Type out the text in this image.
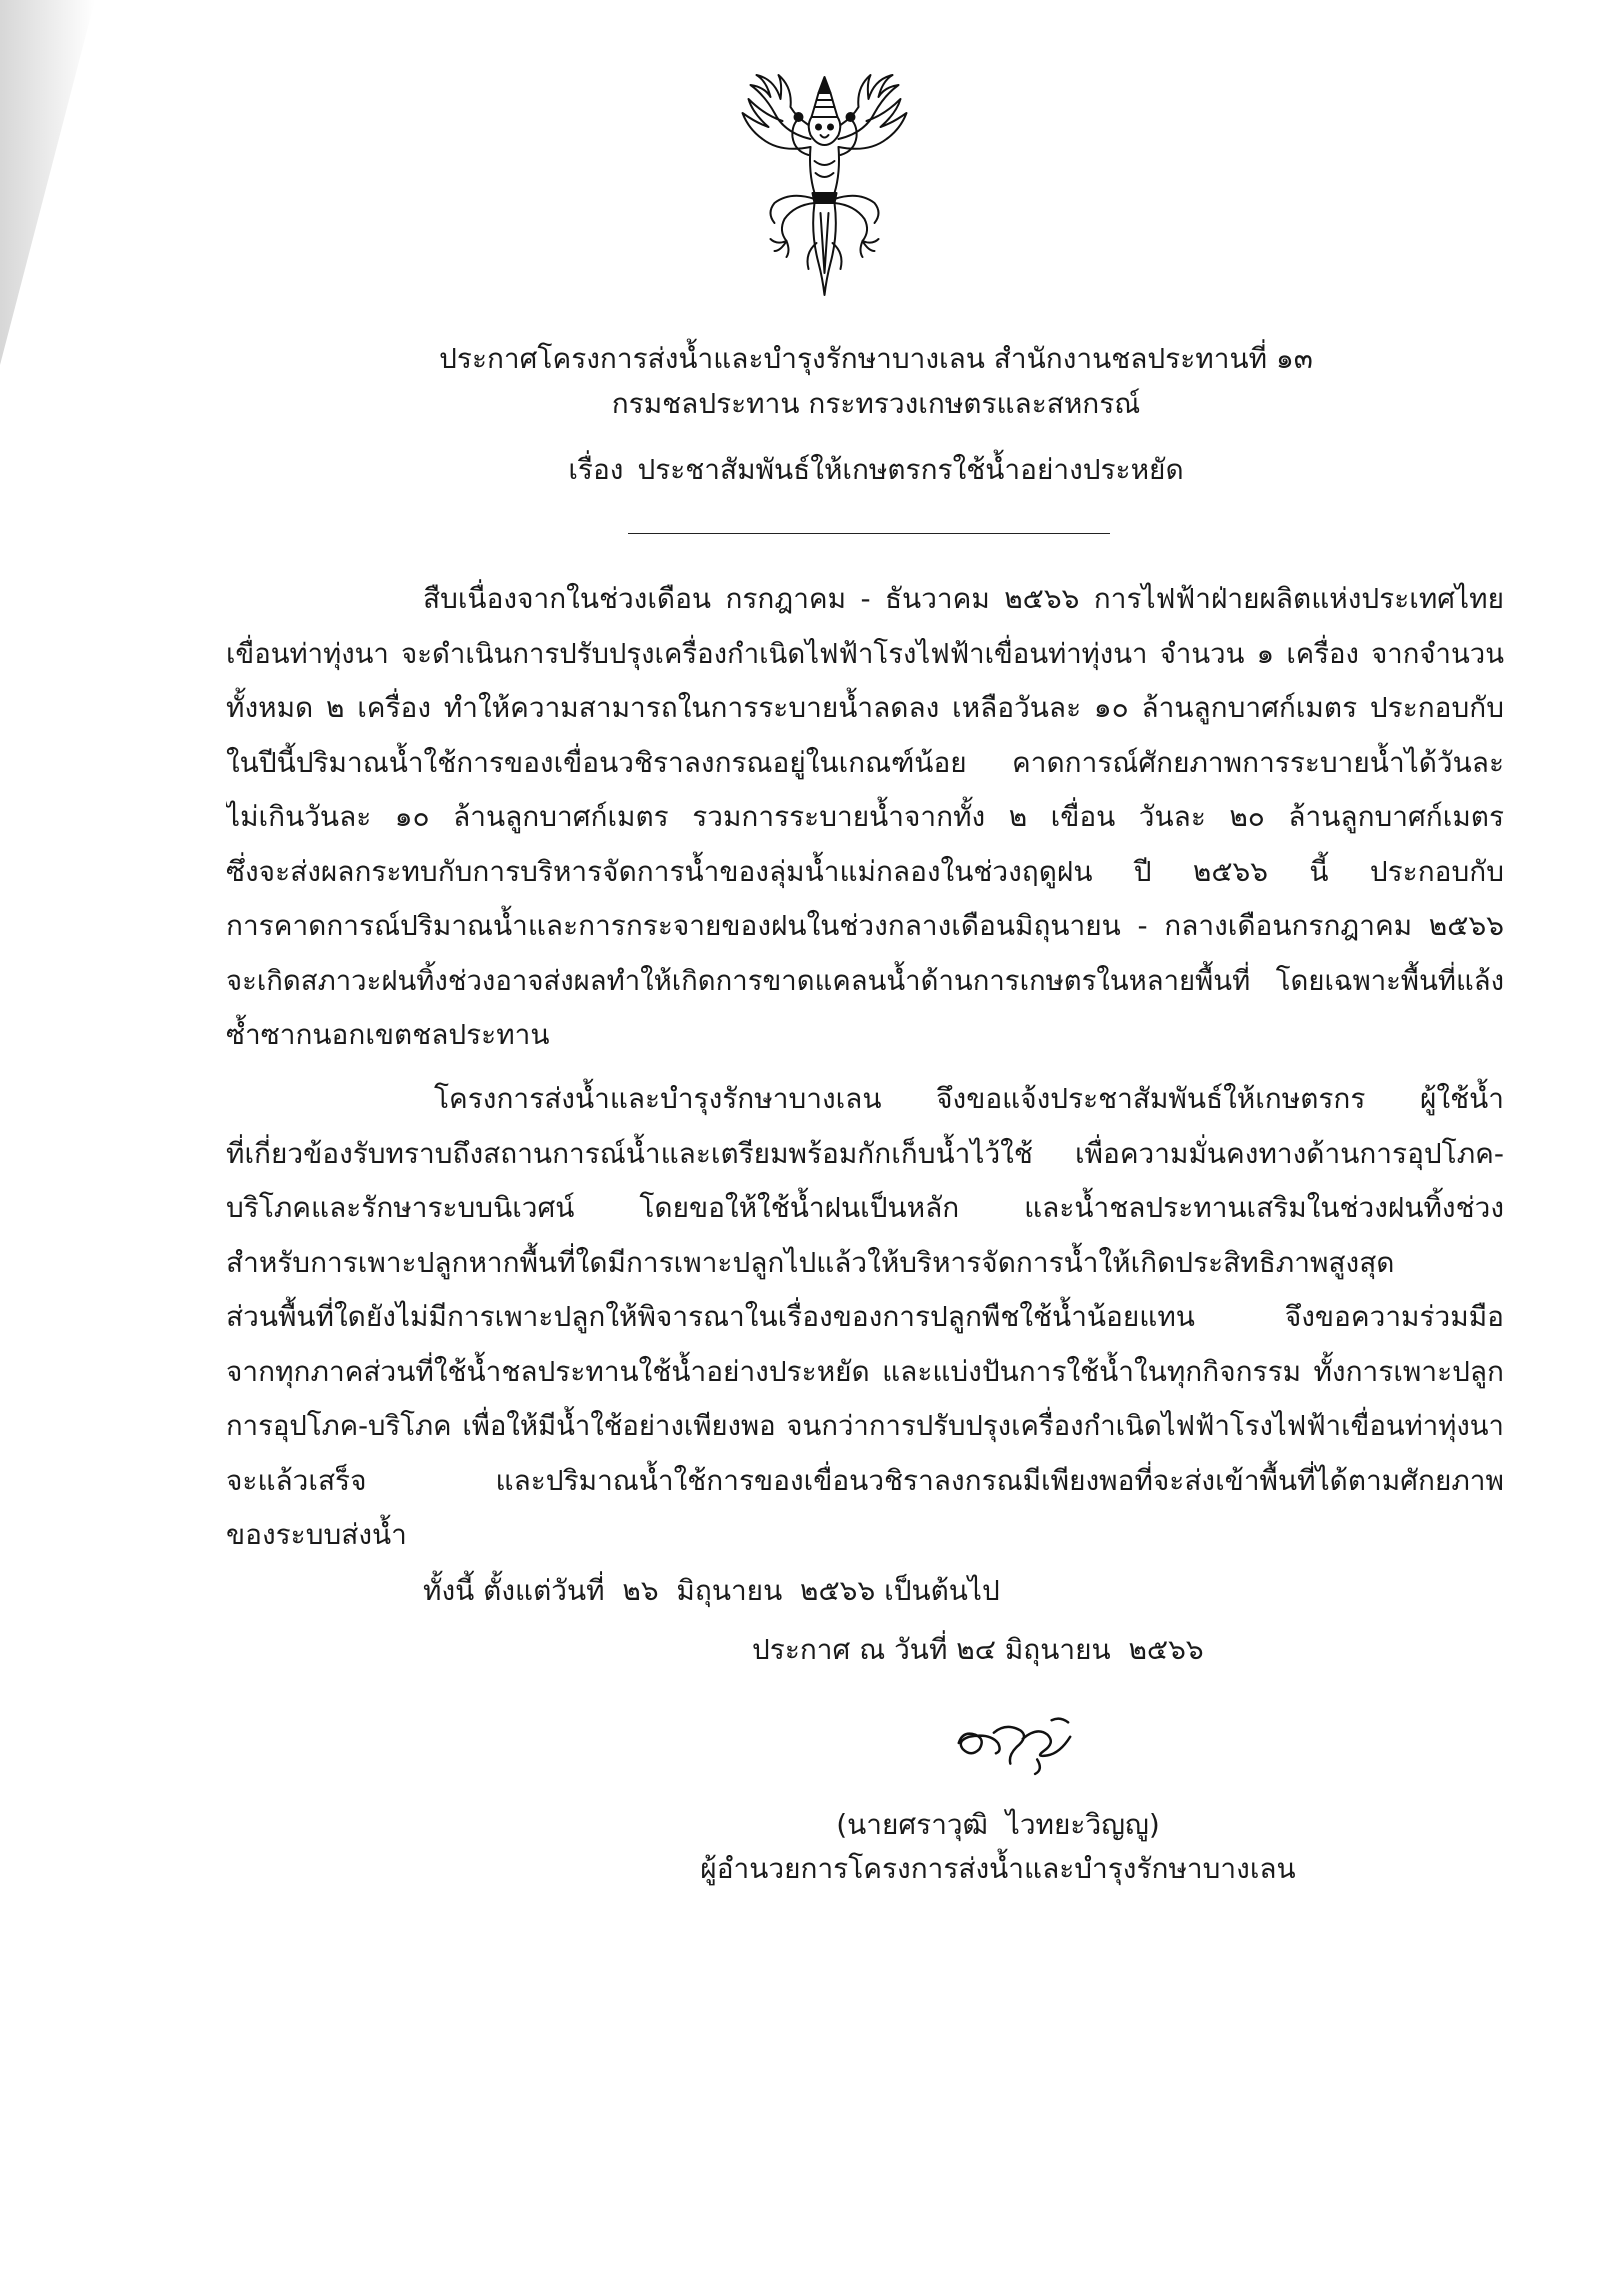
ประกาศโครงการส่งน้ำและบำรุงรักษาบางเลน สำนักงานชลประทานที่ ๑๓
กรมชลประทาน กระทรวงเกษตรและสหกรณ์
เรื่อง ประชาสัมพันธ์ให้เกษตรกรใช้น้ำอย่างประหยัด
สืบเนื่องจากในช่วงเดือน กรกฎาคม - ธันวาคม ๒๕๖๖ การไฟฟ้าฝ่ายผลิตแห่งประเทศไทย
เขื่อนท่าทุ่งนา จะดำเนินการปรับปรุงเครื่องกำเนิดไฟฟ้าโรงไฟฟ้าเขื่อนท่าทุ่งนา จำนวน ๑ เครื่อง จากจำนวน
ทั้งหมด ๒ เครื่อง ทำให้ความสามารถในการระบายน้ำลดลง เหลือวันละ ๑๐ ล้านลูกบาศก์เมตร ประกอบกับ
ในปีนี้ปริมาณน้ำใช้การของเขื่อนวชิราลงกรณอยู่ในเกณฑ์น้อย คาดการณ์ศักยภาพการระบายน้ำได้วันละ
ไม่เกินวันละ ๑๐ ล้านลูกบาศก์เมตร รวมการระบายน้ำจากทั้ง ๒ เขื่อน วันละ ๒๐ ล้านลูกบาศก์เมตร
ซึ่งจะส่งผลกระทบกับการบริหารจัดการน้ำของลุ่มน้ำแม่กลองในช่วงฤดูฝน ปี ๒๕๖๖ นี้ ประกอบกับ
การคาดการณ์ปริมาณน้ำและการกระจายของฝนในช่วงกลางเดือนมิถุนายน - กลางเดือนกรกฎาคม ๒๕๖๖
จะเกิดสภาวะฝนทิ้งช่วงอาจส่งผลทำให้เกิดการขาดแคลนน้ำด้านการเกษตรในหลายพื้นที่ โดยเฉพาะพื้นที่แล้ง
ซ้ำซากนอกเขตชลประทาน
โครงการส่งน้ำและบำรุงรักษาบางเลน จึงขอแจ้งประชาสัมพันธ์ให้เกษตรกร ผู้ใช้น้ำ
ที่เกี่ยวข้องรับทราบถึงสถานการณ์น้ำและเตรียมพร้อมกักเก็บน้ำไว้ใช้ เพื่อความมั่นคงทางด้านการอุปโภค-
บริโภคและรักษาระบบนิเวศน์ โดยขอให้ใช้น้ำฝนเป็นหลัก และน้ำชลประทานเสริมในช่วงฝนทิ้งช่วง
สำหรับการเพาะปลูกหากพื้นที่ใดมีการเพาะปลูกไปแล้วให้บริหารจัดการน้ำให้เกิดประสิทธิภาพสูงสุด
ส่วนพื้นที่ใดยังไม่มีการเพาะปลูกให้พิจารณาในเรื่องของการปลูกพืชใช้น้ำน้อยแทน จึงขอความร่วมมือ
จากทุกภาคส่วนที่ใช้น้ำชลประทานใช้น้ำอย่างประหยัด และแบ่งปันการใช้น้ำในทุกกิจกรรม ทั้งการเพาะปลูก
การอุปโภค-บริโภค เพื่อให้มีน้ำใช้อย่างเพียงพอ จนกว่าการปรับปรุงเครื่องกำเนิดไฟฟ้าโรงไฟฟ้าเขื่อนท่าทุ่งนา
จะแล้วเสร็จ และปริมาณน้ำใช้การของเขื่อนวชิราลงกรณมีเพียงพอที่จะส่งเข้าพื้นที่ได้ตามศักยภาพ
ของระบบส่งน้ำ
ทั้งนี้ ตั้งแต่วันที่  ๒๖  มิถุนายน  ๒๕๖๖ เป็นต้นไป
ประกาศ ณ วันที่ ๒๔ มิถุนายน  ๒๕๖๖
(นายศราวุฒิ  ไวทยะวิญญู)
ผู้อำนวยการโครงการส่งน้ำและบำรุงรักษาบางเลน
